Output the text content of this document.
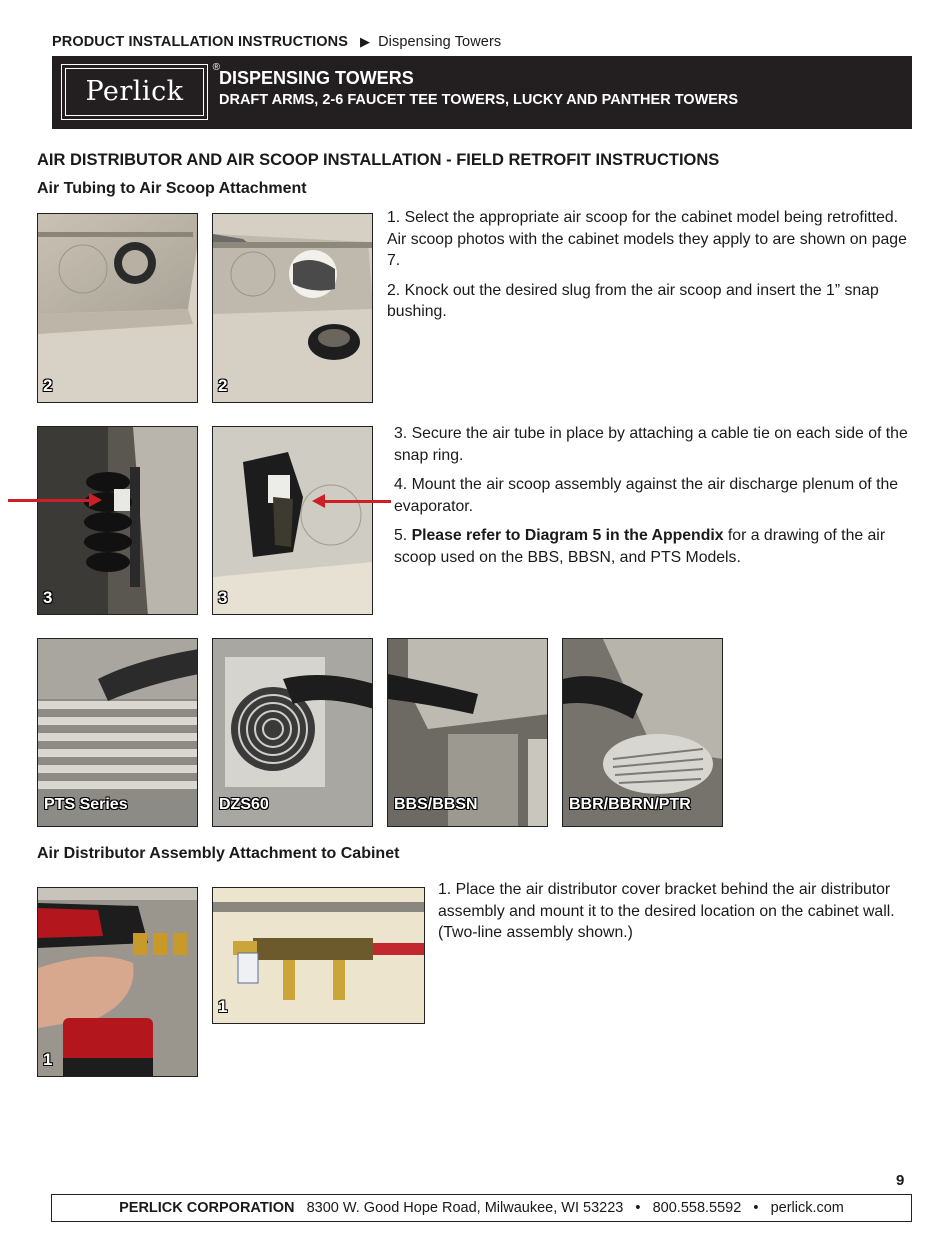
PRODUCT INSTALLATION INSTRUCTIONS ▶ Dispensing Towers
Perlick
®
DISPENSING TOWERS
DRAFT ARMS, 2-6 FAUCET TEE TOWERS, LUCKY AND PANTHER TOWERS
AIR DISTRIBUTOR AND AIR SCOOP INSTALLATION - FIELD RETROFIT INSTRUCTIONS
Air Tubing to Air Scoop Attachment
2	2

1. Select the appropriate air scoop for the cabinet model being retrofitted. Air scoop photos with the cabinet models they apply to are shown on page 7.

2. Knock out the desired slug from the air scoop and insert the 1” snap bushing.

3	3

3. Secure the air tube in place by attaching a cable tie on each side of the snap ring.

4. Mount the air scoop assembly against the air discharge plenum of the evaporator.

5. Please refer to Diagram 5 in the Appendix for a drawing of the air scoop used on the BBS, BBSN, and PTS Models.

PTS Series	DZS60	BBS/BBSN	BBR/BBRN/PTR
Air Distributor Assembly Attachment to Cabinet
1
1

1. Place the air distributor cover bracket behind the air distributor assembly and mount it to the desired location on the cabinet wall. (Two-line assembly shown.)

9
PERLICK CORPORATION 8300 W. Good Hope Road, Milwaukee, WI 53223 • 800.558.5592 • perlick.com
